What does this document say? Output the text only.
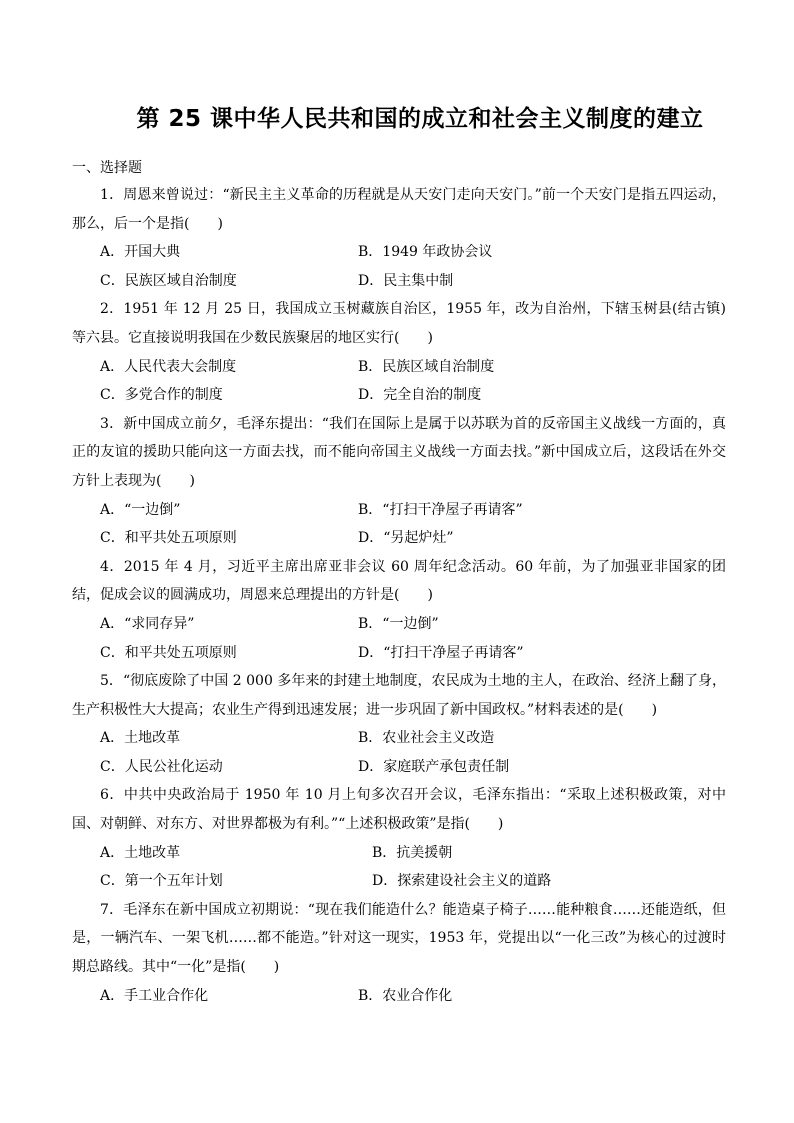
第 25 课中华人民共和国的成立和社会主义制度的建立
一、选择题

1．周恩来曾说过：“新民主主义革命的历程就是从天安门走向天安门。”前一个天安门是指五四运动，那么，后一个是指(　　)

A．开国大典	B．1949 年政协会议
C．民族区域自治制度	D．民主集中制

2．1951 年 12 月 25 日，我国成立玉树藏族自治区，1955 年，改为自治州，下辖玉树县(结古镇)等六县。它直接说明我国在少数民族聚居的地区实行(　　)

A．人民代表大会制度	B．民族区域自治制度
C．多党合作的制度	D．完全自治的制度

3．新中国成立前夕，毛泽东提出：“我们在国际上是属于以苏联为首的反帝国主义战线一方面的，真正的友谊的援助只能向这一方面去找，而不能向帝国主义战线一方面去找。”新中国成立后，这段话在外交方针上表现为(　　)

A．“一边倒”	B．“打扫干净屋子再请客”
C．和平共处五项原则	D．“另起炉灶”

4．2015 年 4 月，习近平主席出席亚非会议 60 周年纪念活动。60 年前，为了加强亚非国家的团结，促成会议的圆满成功，周恩来总理提出的方针是(　　)

A．“求同存异”	B．“一边倒”
C．和平共处五项原则	D．“打扫干净屋子再请客”

5．“彻底废除了中国 2 000 多年来的封建土地制度，农民成为土地的主人，在政治、经济上翻了身，生产积极性大大提高；农业生产得到迅速发展；进一步巩固了新中国政权。”材料表述的是(　　)

A．土地改革	B．农业社会主义改造
C．人民公社化运动	D．家庭联产承包责任制

6．中共中央政治局于 1950 年 10 月上旬多次召开会议，毛泽东指出：“采取上述积极政策，对中国、对朝鲜、对东方、对世界都极为有利。”“上述积极政策”是指(　　)

A．土地改革	B．抗美援朝
C．第一个五年计划	D．探索建设社会主义的道路

7．毛泽东在新中国成立初期说：“现在我们能造什么？能造桌子椅子……能种粮食……还能造纸，但是，一辆汽车、一架飞机……都不能造。”针对这一现实，1953 年，党提出以“一化三改”为核心的过渡时期总路线。其中“一化”是指(　　)

A．手工业合作化	B．农业合作化
